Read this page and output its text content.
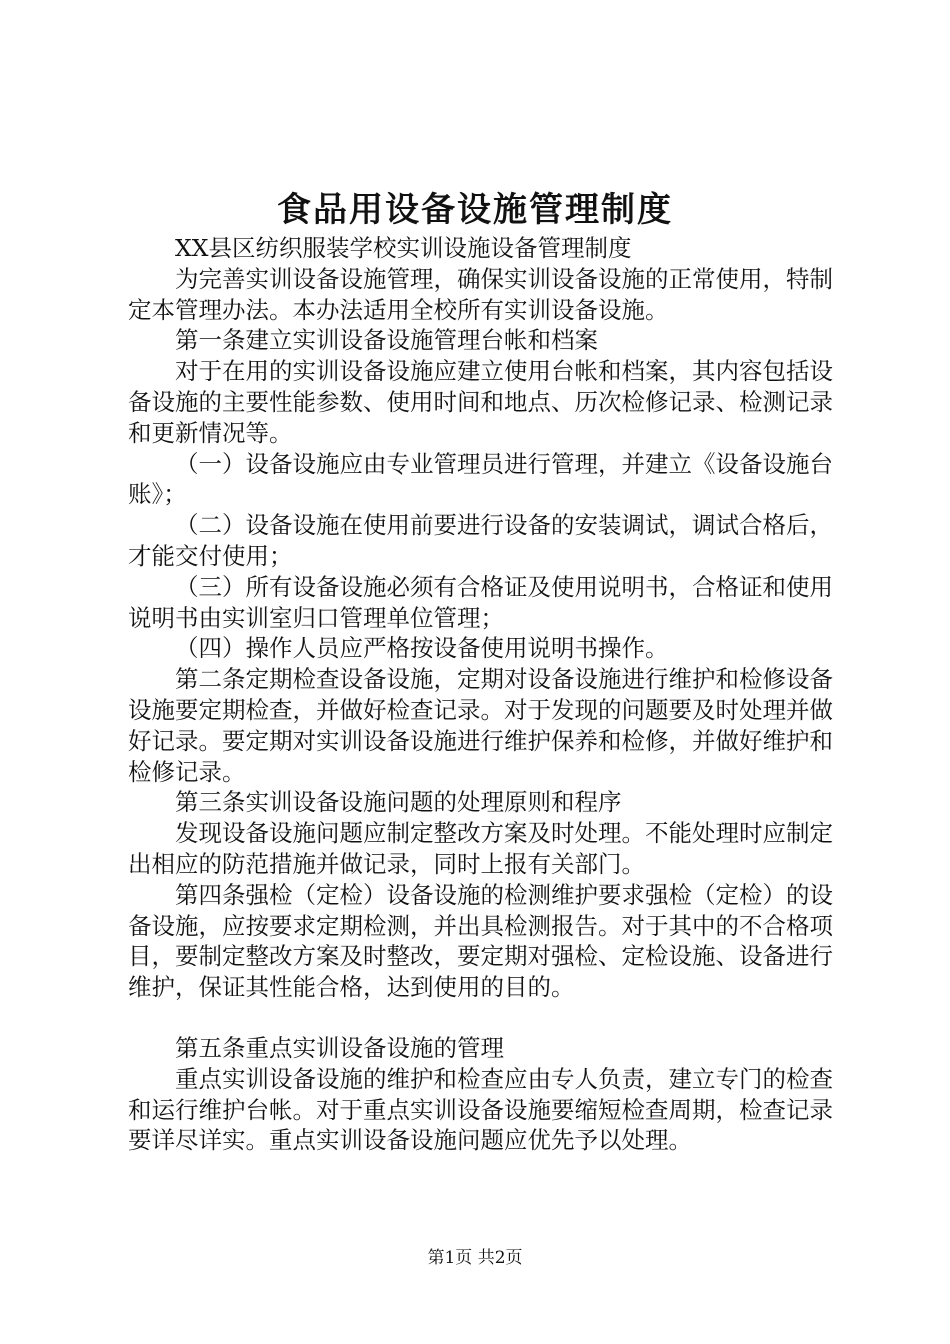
食品用设备设施管理制度

XX县区纺织服装学校实训设施设备管理制度

为完善实训设备设施管理，确保实训设备设施的正常使用，特制定本管理办法。本办法适用全校所有实训设备设施。

第一条建立实训设备设施管理台帐和档案

对于在用的实训设备设施应建立使用台帐和档案，其内容包括设备设施的主要性能参数、使用时间和地点、历次检修记录、检测记录和更新情况等。

（一）设备设施应由专业管理员进行管理，并建立《设备设施台账》；

（二）设备设施在使用前要进行设备的安装调试，调试合格后，才能交付使用；

（三）所有设备设施必须有合格证及使用说明书，合格证和使用说明书由实训室归口管理单位管理；

（四）操作人员应严格按设备使用说明书操作。

第二条定期检查设备设施，定期对设备设施进行维护和检修设备设施要定期检查，并做好检查记录。对于发现的问题要及时处理并做好记录。要定期对实训设备设施进行维护保养和检修，并做好维护和检修记录。

第三条实训设备设施问题的处理原则和程序

发现设备设施问题应制定整改方案及时处理。不能处理时应制定出相应的防范措施并做记录，同时上报有关部门。

第四条强检（定检）设备设施的检测维护要求强检（定检）的设备设施，应按要求定期检测，并出具检测报告。对于其中的不合格项目，要制定整改方案及时整改，要定期对强检、定检设施、设备进行维护，保证其性能合格，达到使用的目的。

第五条重点实训设备设施的管理

重点实训设备设施的维护和检查应由专人负责，建立专门的检查和运行维护台帐。对于重点实训设备设施要缩短检查周期，检查记录要详尽详实。重点实训设备设施问题应优先予以处理。

第1页 共2页
